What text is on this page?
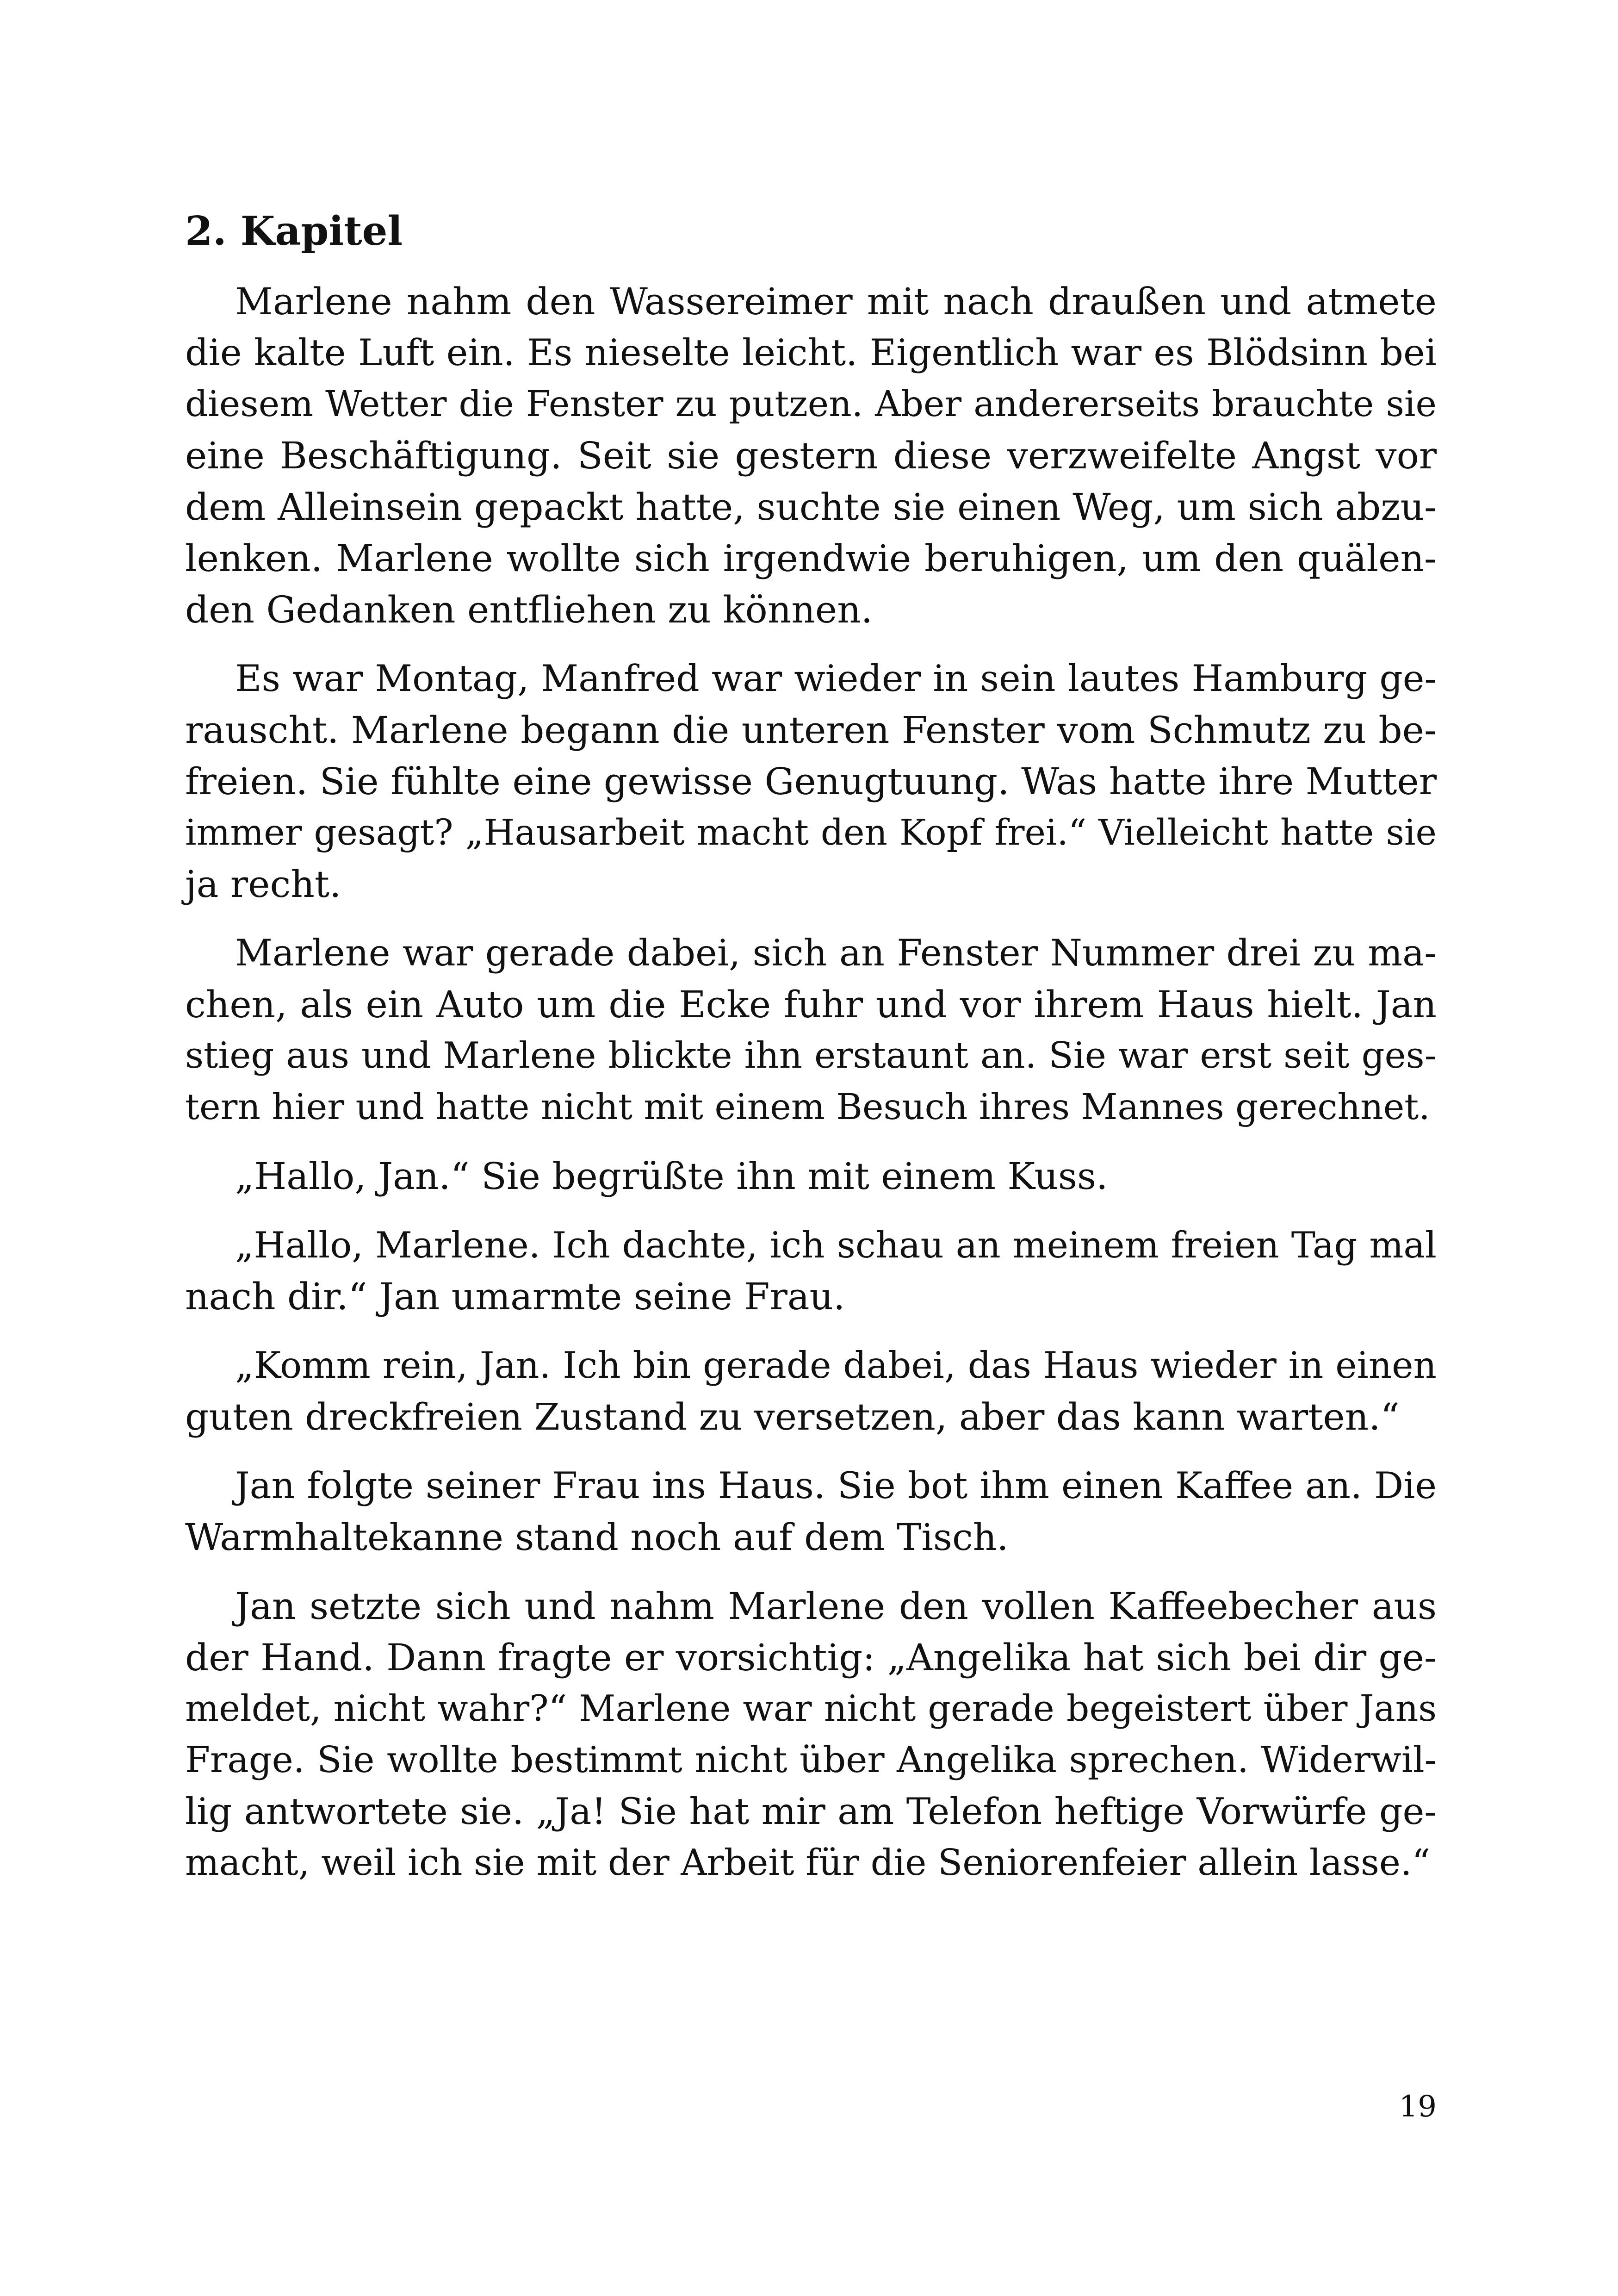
2. Kapitel

Marlene nahm den Wassereimer mit nach draußen und atmete
die kalte Luft ein. Es nieselte leicht. Eigentlich war es Blödsinn bei
diesem Wetter die Fenster zu putzen. Aber andererseits brauchte sie
eine Beschäftigung. Seit sie gestern diese verzweifelte Angst vor
dem Alleinsein gepackt hatte, suchte sie einen Weg, um sich abzu-
lenken. Marlene wollte sich irgendwie beruhigen, um den quälen-
den Gedanken entfliehen zu können.

Es war Montag, Manfred war wieder in sein lautes Hamburg ge-
rauscht. Marlene begann die unteren Fenster vom Schmutz zu be-
freien. Sie fühlte eine gewisse Genugtuung. Was hatte ihre Mutter
immer gesagt? „Hausarbeit macht den Kopf frei.“ Vielleicht hatte sie
ja recht.

Marlene war gerade dabei, sich an Fenster Nummer drei zu ma-
chen, als ein Auto um die Ecke fuhr und vor ihrem Haus hielt. Jan
stieg aus und Marlene blickte ihn erstaunt an. Sie war erst seit ges-
tern hier und hatte nicht mit einem Besuch ihres Mannes gerechnet.

„Hallo, Jan.“ Sie begrüßte ihn mit einem Kuss.

„Hallo, Marlene. Ich dachte, ich schau an meinem freien Tag mal
nach dir.“ Jan umarmte seine Frau.

„Komm rein, Jan. Ich bin gerade dabei, das Haus wieder in einen
guten dreckfreien Zustand zu versetzen, aber das kann warten.“

Jan folgte seiner Frau ins Haus. Sie bot ihm einen Kaffee an. Die
Warmhaltekanne stand noch auf dem Tisch.

Jan setzte sich und nahm Marlene den vollen Kaffeebecher aus
der Hand. Dann fragte er vorsichtig: „Angelika hat sich bei dir ge-
meldet, nicht wahr?“ Marlene war nicht gerade begeistert über Jans
Frage. Sie wollte bestimmt nicht über Angelika sprechen. Widerwil-
lig antwortete sie. „Ja! Sie hat mir am Telefon heftige Vorwürfe ge-
macht, weil ich sie mit der Arbeit für die Seniorenfeier allein lasse.“

19
